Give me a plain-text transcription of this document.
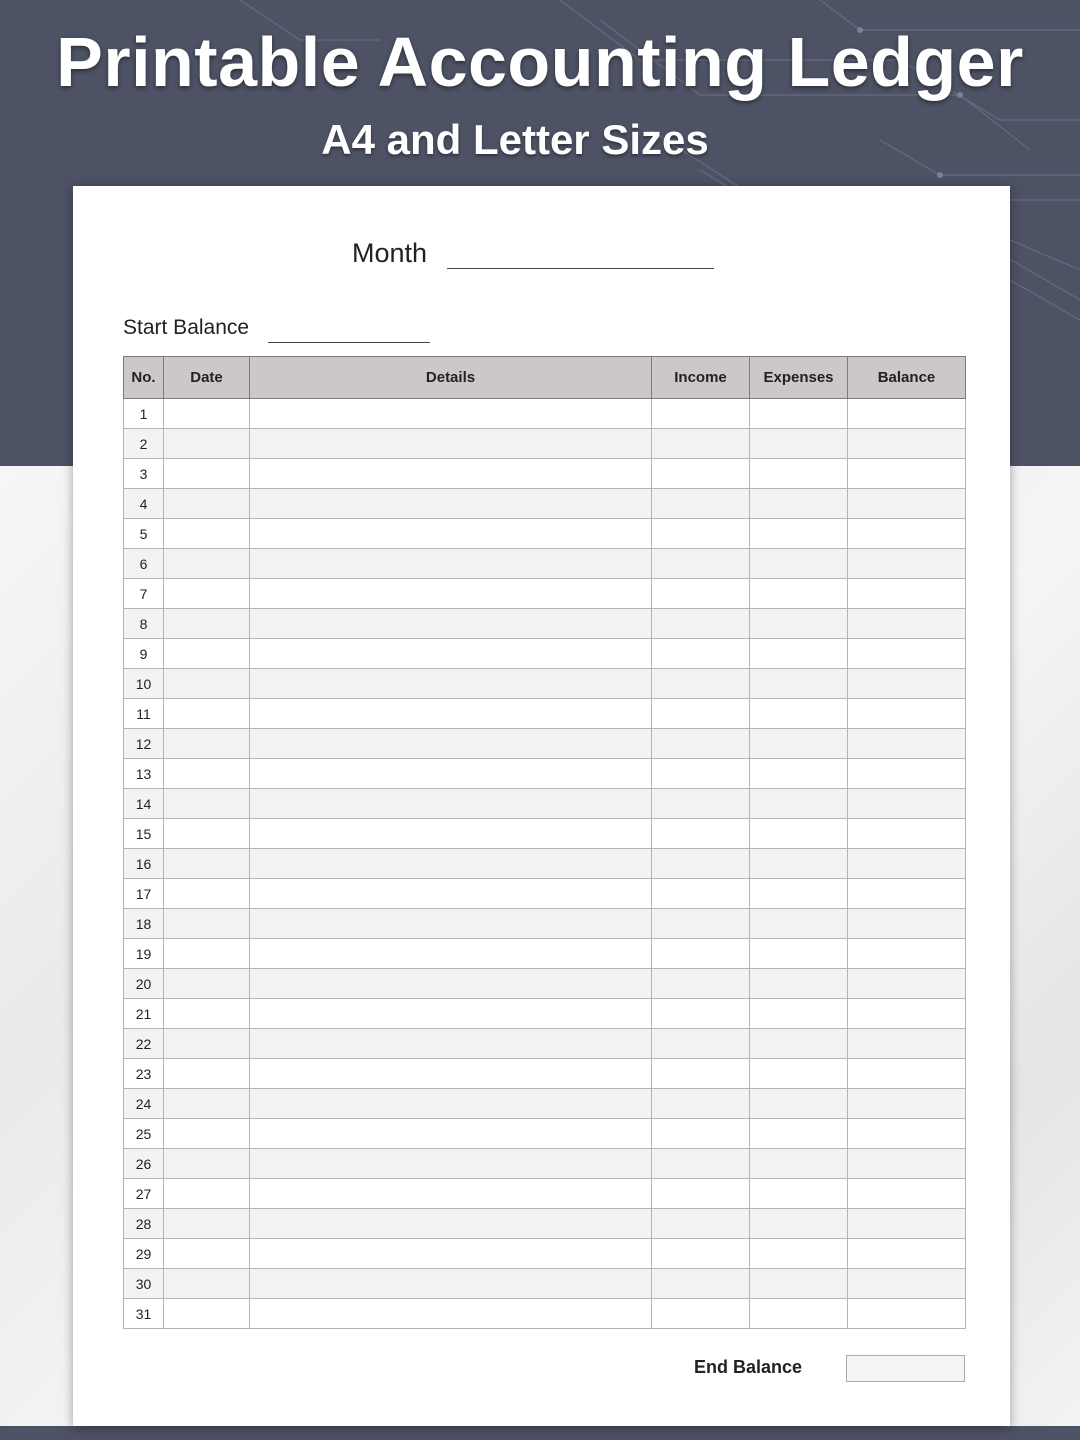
Printable Accounting Ledger
A4 and Letter Sizes
Month
Start Balance
No.	Date	Details	Income	Expenses	Balance
1					
2					
3					
4					
5					
6					
7					
8					
9					
10					
11					
12					
13					
14					
15					
16					
17					
18					
19					
20					
21					
22					
23					
24					
25					
26					
27					
28					
29					
30					
31					
End Balance
